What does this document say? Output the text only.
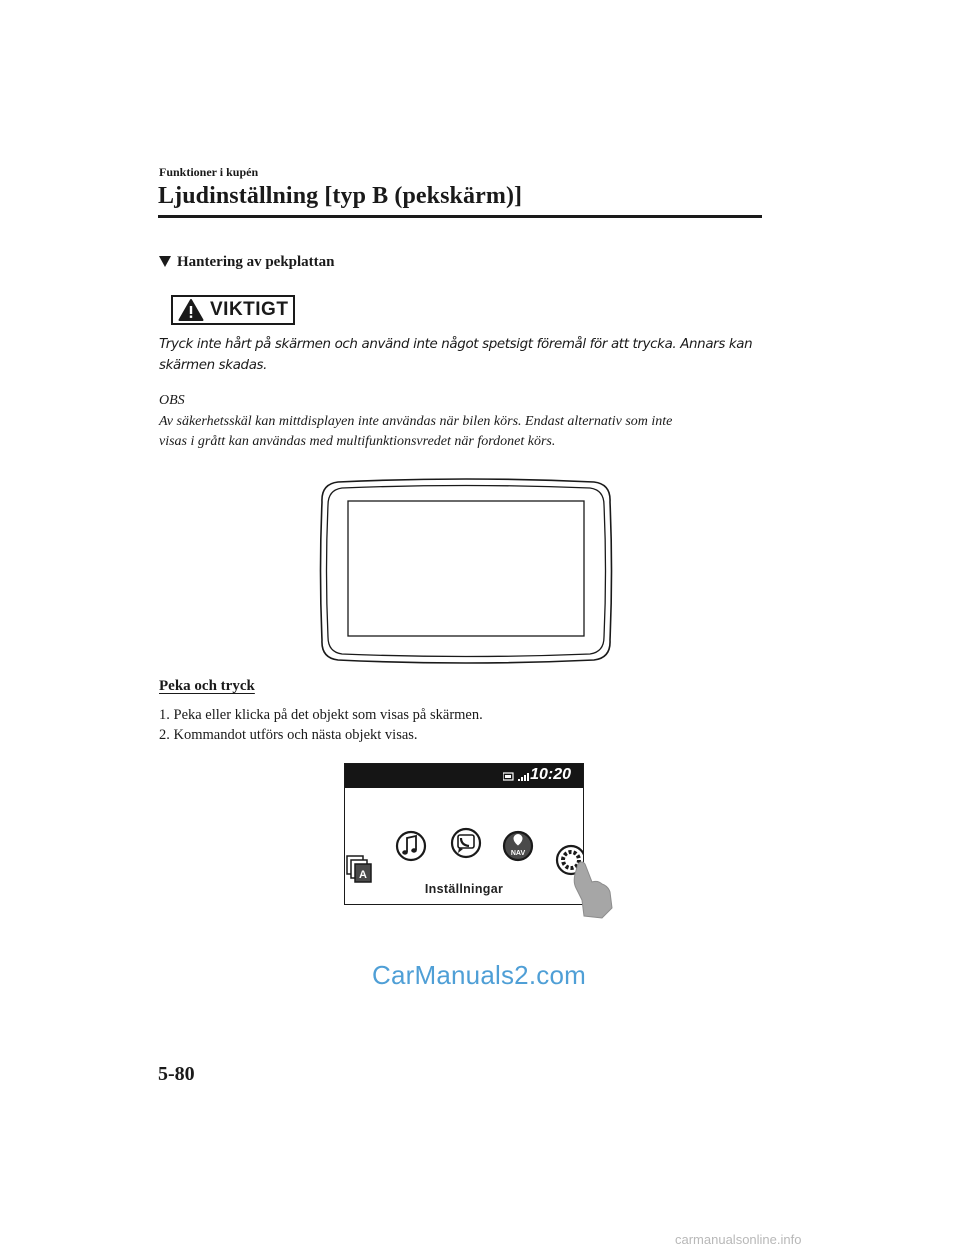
Funktioner i kupén
Ljudinställning [typ B (pekskärm)]
Hantering av pekplattan
VIKTIGT
Tryck inte hårt på skärmen och använd inte något spetsigt föremål för att trycka. Annars kan
skärmen skadas.
OBS
Av säkerhetsskäl kan mittdisplayen inte användas när bilen körs. Endast alternativ som inte
visas i grått kan användas med multifunktionsvredet när fordonet körs.
Peka och tryck
1. Peka eller klicka på det objekt som visas på skärmen.
2. Kommandot utförs och nästa objekt visas.
10:20
A
NAV
Inställningar
CarManuals2.com
5-80
carmanualsonline.info
